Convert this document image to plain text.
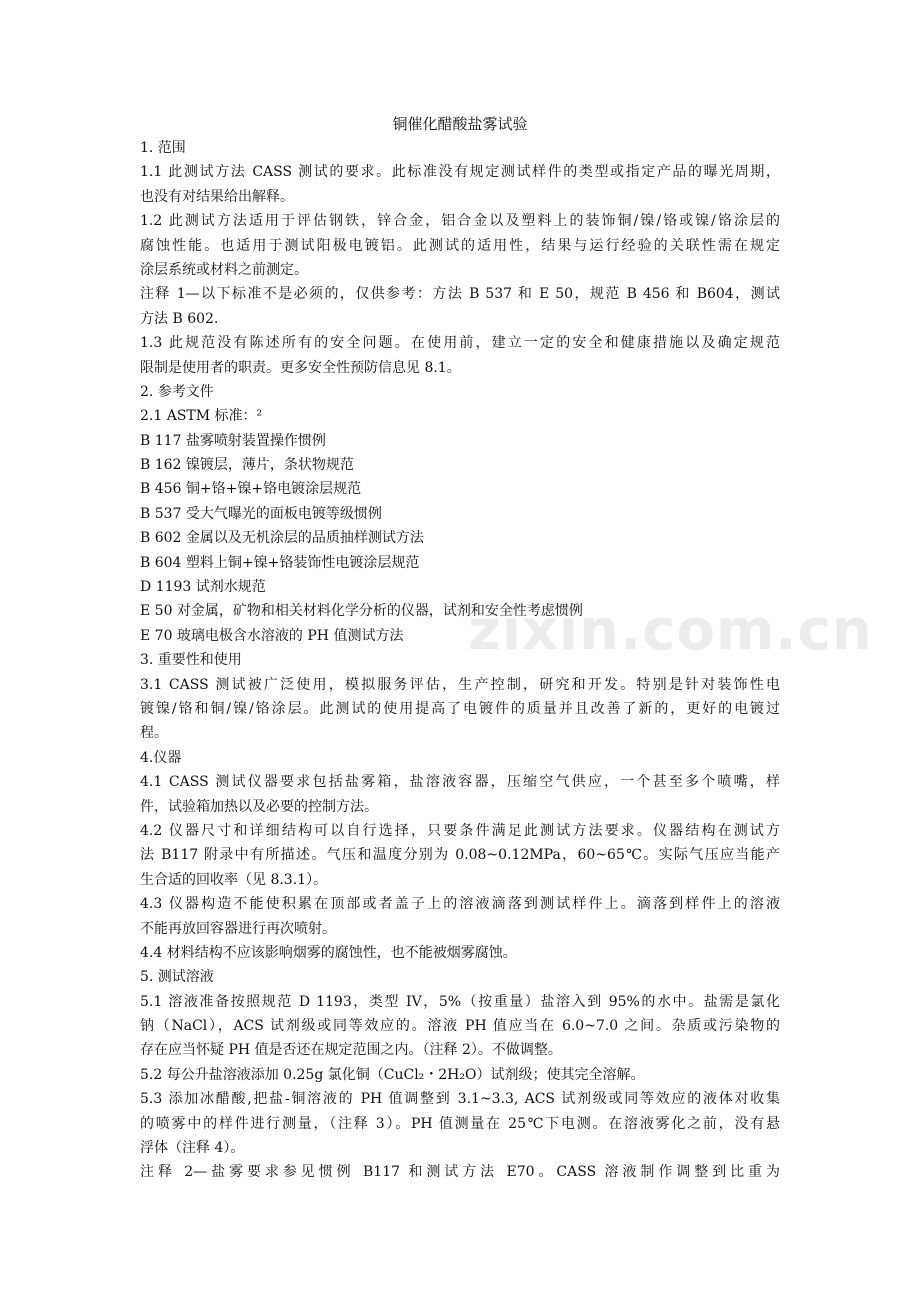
铜催化醋酸盐雾试验
1. 范围
1.1 此测试方法 CASS 测试的要求。此标准没有规定测试样件的类型或指定产品的曝光周期，
也没有对结果给出解释。
1.2 此测试方法适用于评估钢铁，锌合金，铝合金以及塑料上的装饰铜/镍/铬或镍/铬涂层的
腐蚀性能。也适用于测试阳极电镀铝。此测试的适用性，结果与运行经验的关联性需在规定
涂层系统或材料之前测定。
注释 1—以下标准不是必须的，仅供参考：方法 B 537 和 E 50，规范 B 456 和 B604，测试
方法 B 602.
1.3 此规范没有陈述所有的安全问题。在使用前，建立一定的安全和健康措施以及确定规范
限制是使用者的职责。更多安全性预防信息见 8.1。
2. 参考文件
2.1 ASTM 标准：²
B 117 盐雾喷射装置操作惯例
B 162 镍镀层，薄片，条状物规范
B 456 铜+铬+镍+铬电镀涂层规范
B 537 受大气曝光的面板电镀等级惯例
B 602 金属以及无机涂层的品质抽样测试方法
B 604 塑料上铜+镍+铬装饰性电镀涂层规范
D 1193 试剂水规范
E 50 对金属，矿物和相关材料化学分析的仪器，试剂和安全性考虑惯例
E 70 玻璃电极含水溶液的 PH 值测试方法
3. 重要性和使用
3.1 CASS 测试被广泛使用，模拟服务评估，生产控制，研究和开发。特别是针对装饰性电
镀镍/铬和铜/镍/铬涂层。此测试的使用提高了电镀件的质量并且改善了新的，更好的电镀过
程。
4.仪器
4.1 CASS 测试仪器要求包括盐雾箱，盐溶液容器，压缩空气供应，一个甚至多个喷嘴，样
件，试验箱加热以及必要的控制方法。
4.2 仪器尺寸和详细结构可以自行选择，只要条件满足此测试方法要求。仪器结构在测试方
法 B117 附录中有所描述。气压和温度分别为 0.08~0.12MPa，60~65℃。实际气压应当能产
生合适的回收率（见 8.3.1）。
4.3 仪器构造不能使积累在顶部或者盖子上的溶液滴落到测试样件上。滴落到样件上的溶液
不能再放回容器进行再次喷射。
4.4 材料结构不应该影响烟雾的腐蚀性，也不能被烟雾腐蚀。
5. 测试溶液
5.1 溶液准备按照规范 D 1193，类型 IV，5%（按重量）盐溶入到 95%的水中。盐需是氯化
钠（NaCl），ACS 试剂级或同等效应的。溶液 PH 值应当在 6.0~7.0 之间。杂质或污染物的
存在应当怀疑 PH 值是否还在规定范围之内。（注释 2）。不做调整。
5.2 每公升盐溶液添加 0.25g 氯化铜（CuCl₂・2H₂O）试剂级；使其完全溶解。
5.3 添加冰醋酸,把盐-铜溶液的 PH 值调整到 3.1~3.3, ACS 试剂级或同等效应的液体对收集
的喷雾中的样件进行测量，（注释 3）。PH 值测量在 25℃下电测。在溶液雾化之前，没有悬
浮体（注释 4）。
注释 2—盐雾要求参见惯例 B117 和测试方法 E70。CASS 溶液制作调整到比重为
zixin.com.cn
